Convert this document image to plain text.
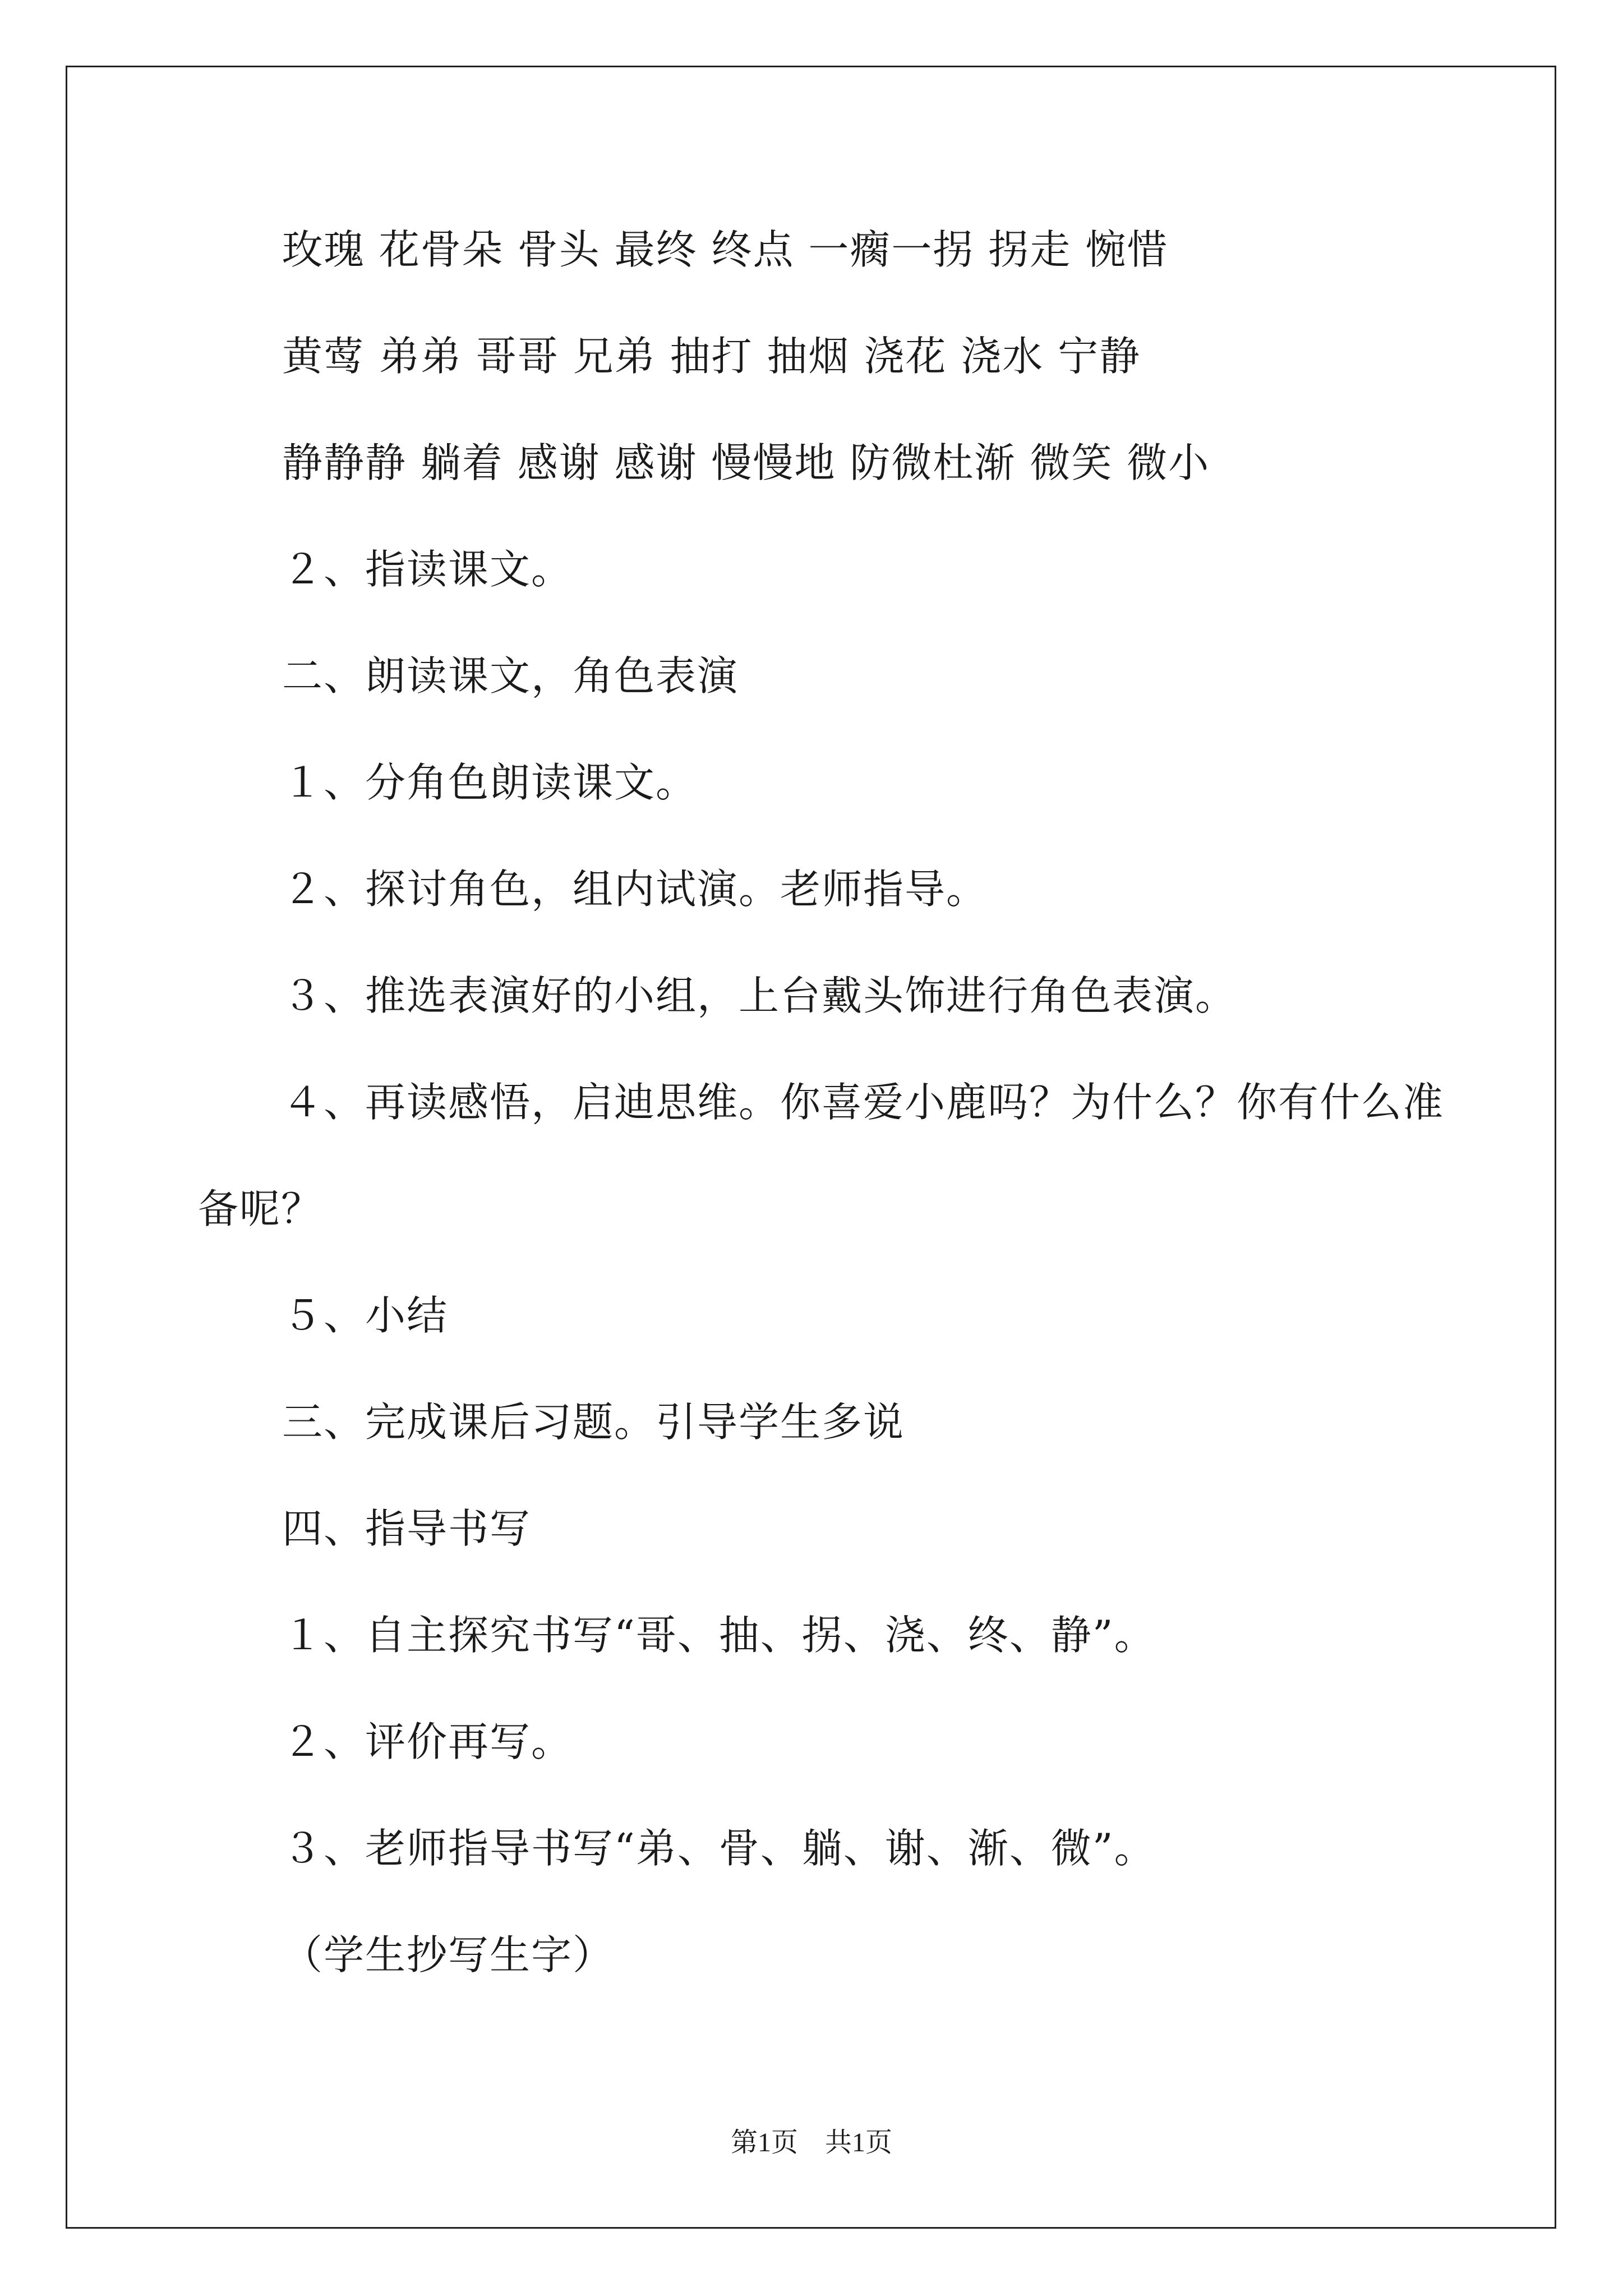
玫瑰 花骨朵 骨头 最终 终点 一瘸一拐 拐走 惋惜
黄莺 弟弟 哥哥 兄弟 抽打 抽烟 浇花 浇水 宁静
静静静 躺着 感谢 感谢 慢慢地 防微杜渐 微笑 微小
２、指读课文。
二、朗读课文，角色表演
１、分角色朗读课文。
２、探讨角色，组内试演。老师指导。
３、推选表演好的小组，上台戴头饰进行角色表演。
４、再读感悟，启迪思维。你喜爱小鹿吗？为什么？你有什么准
备呢？
５、小结
三、完成课后习题。引导学生多说
四、指导书写
１、自主探究书写“哥、抽、拐、浇、终、静”。
２、评价再写。
３、老师指导书写“弟、骨、躺、谢、渐、微”。
（学生抄写生字）
第1页　共1页
